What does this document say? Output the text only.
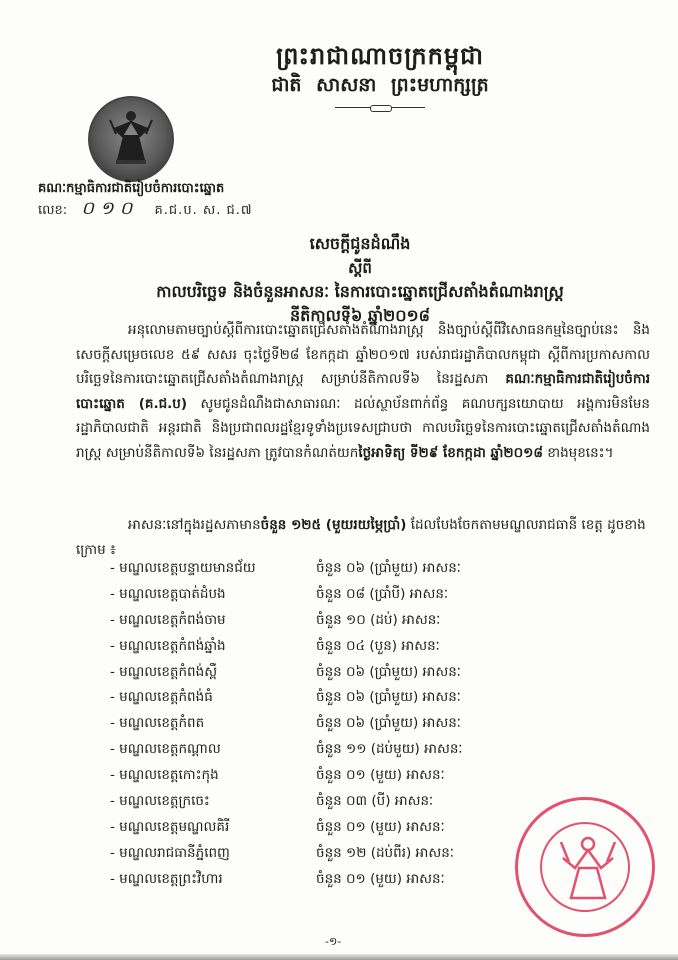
ព្រះរាជាណាចក្រកម្ពុជា
ជាតិ សាសនា ព្រះមហាក្សត្រ
គណៈកម្មាធិការជាតិរៀបចំការបោះឆ្នោត
លេខ: ០១០ គ.ជ.ប. ស. ជ.៧
សេចក្ដីជូនដំណឹង
ស្ដីពី
កាលបរិច្ឆេទ និងចំនួនអាសនៈ នៃការបោះឆ្នោតជ្រើសតាំងតំណាងរាស្ដ្រ
នីតិកាលទី៦ ឆ្នាំ២០១៨

អនុលោមតាមច្បាប់ស្ដីពីការបោះឆ្នោតជ្រើសតាំងតំណាងរាស្ដ្រ និងច្បាប់ស្ដីពីវិសោធនកម្មនៃច្បាប់នេះ និងសេចក្ដីសម្រេចលេខ ៥៩ សសរ ចុះថ្ងៃទី២៨ ខែកក្កដា ឆ្នាំ២០១៧ របស់រាជរដ្ឋាភិបាលកម្ពុជា ស្ដីពីការប្រកាសកាលបរិច្ឆេទនៃការបោះឆ្នោតជ្រើសតាំងតំណាងរាស្ដ្រ សម្រាប់នីតិកាលទី៦ នៃរដ្ឋសភា គណៈកម្មាធិការជាតិរៀបចំការបោះឆ្នោត (គ.ជ.ប) សូមជូនដំណឹងជាសាធារណៈ ដល់ស្ថាប័នពាក់ព័ន្ធ គណបក្សនយោបាយ អង្គការមិនមែនរដ្ឋាភិបាលជាតិ អន្តរជាតិ និងប្រជាពលរដ្ឋខ្មែរទូទាំងប្រទេសជ្រាបថា កាលបរិច្ឆេទនៃការបោះឆ្នោតជ្រើសតាំងតំណាងរាស្ដ្រ សម្រាប់នីតិកាលទី៦ នៃរដ្ឋសភា ត្រូវបានកំណត់យកថ្ងៃអាទិត្យ ទី២៩ ខែកក្កដា ឆ្នាំ២០១៨ ខាងមុខនេះ។

អាសនៈនៅក្នុងរដ្ឋសភាមានចំនួន ១២៥ (មួយរយម្ភៃប្រាំ) ដែលបែងចែកតាមមណ្ឌលរាជធានី ខេត្ត ដូចខាងក្រោម ៖

- មណ្ឌលខេត្តបន្ទាយមានជ័យ	ចំនួន ០៦ (ប្រាំមួយ) អាសនៈ
- មណ្ឌលខេត្តបាត់ដំបង	ចំនួន ០៨ (ប្រាំបី) អាសនៈ
- មណ្ឌលខេត្តកំពង់ចាម	ចំនួន ១០ (ដប់) អាសនៈ
- មណ្ឌលខេត្តកំពង់ឆ្នាំង	ចំនួន ០៤ (បួន) អាសនៈ
- មណ្ឌលខេត្តកំពង់ស្ពឺ	ចំនួន ០៦ (ប្រាំមួយ) អាសនៈ
- មណ្ឌលខេត្តកំពង់ធំ	ចំនួន ០៦ (ប្រាំមួយ) អាសនៈ
- មណ្ឌលខេត្តកំពត	ចំនួន ០៦ (ប្រាំមួយ) អាសនៈ
- មណ្ឌលខេត្តកណ្ដាល	ចំនួន ១១ (ដប់មួយ) អាសនៈ
- មណ្ឌលខេត្តកោះកុង	ចំនួន ០១ (មួយ) អាសនៈ
- មណ្ឌលខេត្តក្រចេះ	ចំនួន ០៣ (បី) អាសនៈ
- មណ្ឌលខេត្តមណ្ឌលគិរី	ចំនួន ០១ (មួយ) អាសនៈ
- មណ្ឌលរាជធានីភ្នំពេញ	ចំនួន ១២ (ដប់ពីរ) អាសនៈ
- មណ្ឌលខេត្តព្រះវិហារ	ចំនួន ០១ (មួយ) អាសនៈ
-១-
